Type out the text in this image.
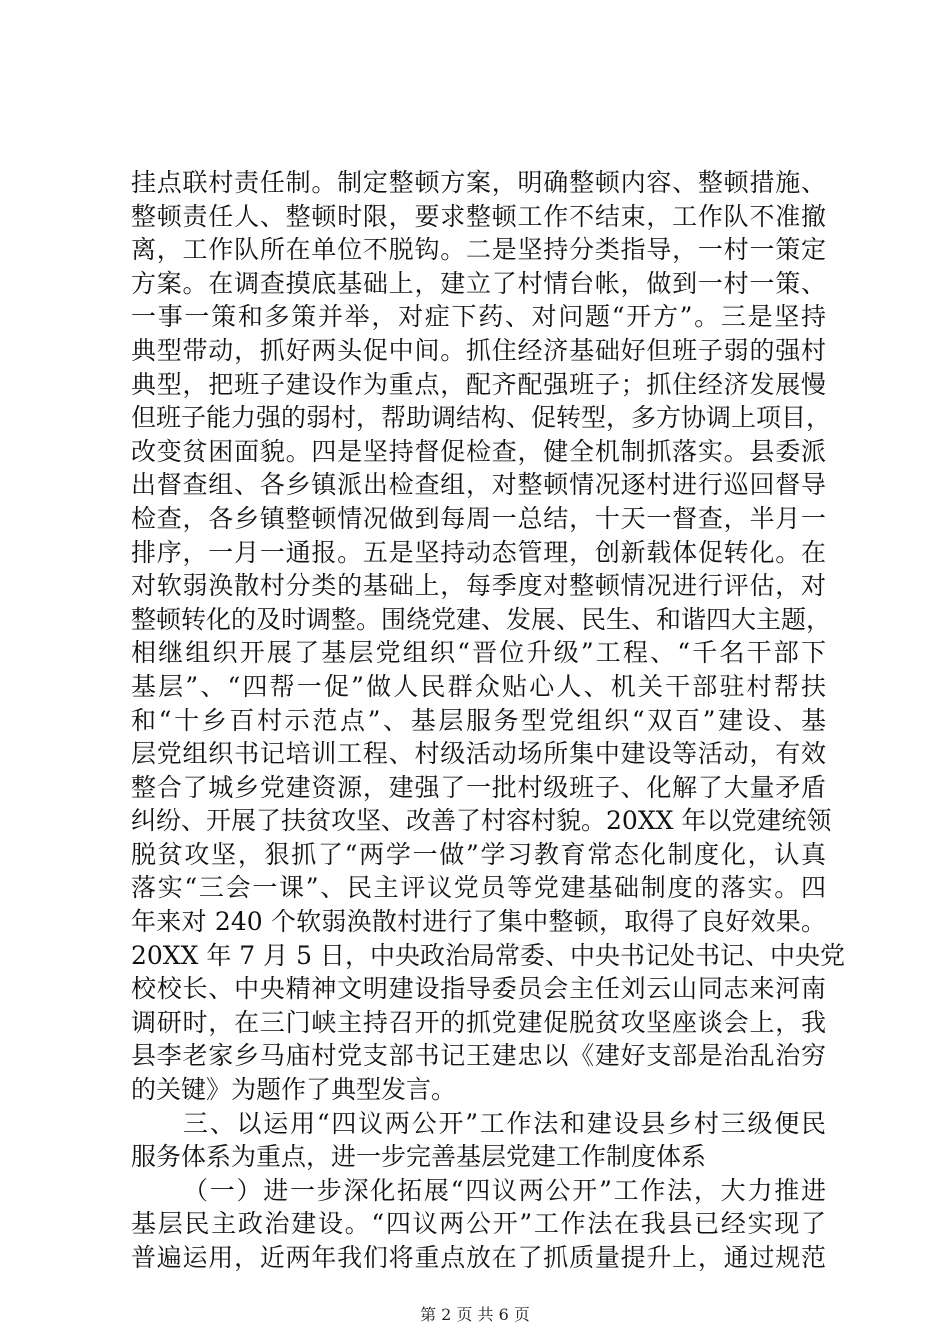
挂点联村责任制。制定整顿方案，明确整顿内容、整顿措施、
整顿责任人、整顿时限，要求整顿工作不结束，工作队不准撤
离，工作队所在单位不脱钩。二是坚持分类指导，一村一策定
方案。在调查摸底基础上，建立了村情台帐，做到一村一策、
一事一策和多策并举，对症下药、对问题“开方”。三是坚持
典型带动，抓好两头促中间。抓住经济基础好但班子弱的强村
典型，把班子建设作为重点，配齐配强班子；抓住经济发展慢
但班子能力强的弱村，帮助调结构、促转型，多方协调上项目，
改变贫困面貌。四是坚持督促检查，健全机制抓落实。县委派
出督查组、各乡镇派出检查组，对整顿情况逐村进行巡回督导
检查，各乡镇整顿情况做到每周一总结，十天一督查，半月一
排序，一月一通报。五是坚持动态管理，创新载体促转化。在
对软弱涣散村分类的基础上，每季度对整顿情况进行评估，对
整顿转化的及时调整。围绕党建、发展、民生、和谐四大主题，
相继组织开展了基层党组织“晋位升级”工程、“千名干部下
基层”、“四帮一促”做人民群众贴心人、机关干部驻村帮扶
和“十乡百村示范点”、基层服务型党组织“双百”建设、基
层党组织书记培训工程、村级活动场所集中建设等活动，有效
整合了城乡党建资源，建强了一批村级班子、化解了大量矛盾
纠纷、开展了扶贫攻坚、改善了村容村貌。20XX 年以党建统领
脱贫攻坚，狠抓了“两学一做”学习教育常态化制度化，认真
落实“三会一课”、民主评议党员等党建基础制度的落实。四
年来对 240 个软弱涣散村进行了集中整顿，取得了良好效果。
20XX 年 7 月 5 日，中央政治局常委、中央书记处书记、中央党
校校长、中央精神文明建设指导委员会主任刘云山同志来河南
调研时，在三门峡主持召开的抓党建促脱贫攻坚座谈会上，我
县李老家乡马庙村党支部书记王建忠以《建好支部是治乱治穷
的关键》为题作了典型发言。
三、以运用“四议两公开”工作法和建设县乡村三级便民
服务体系为重点，进一步完善基层党建工作制度体系
（一）进一步深化拓展“四议两公开”工作法，大力推进
基层民主政治建设。“四议两公开”工作法在我县已经实现了
普遍运用，近两年我们将重点放在了抓质量提升上，通过规范
第 2 页 共 6 页
